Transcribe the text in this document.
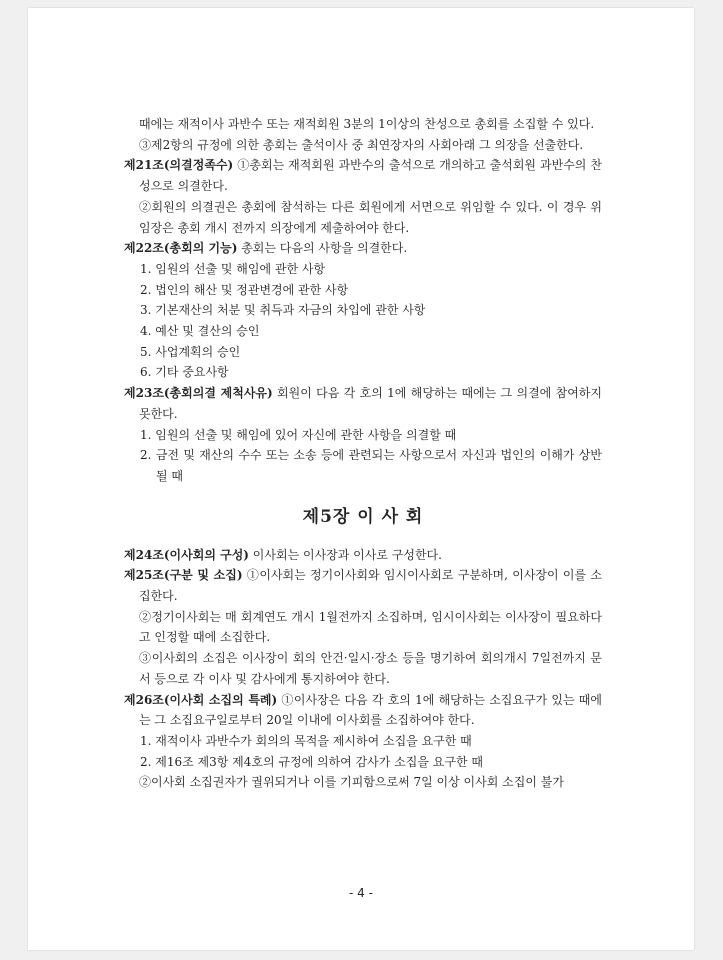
때에는 재적이사 과반수 또는 재적회원 3분의 1이상의 찬성으로 총회를 소집할 수 있다.
③제2항의 규정에 의한 총회는 출석이사 중 최연장자의 사회아래 그 의장을 선출한다.
제21조(의결정족수) ①총회는 재적회원 과반수의 출석으로 개의하고 출석회원 과반수의 찬성으로 의결한다.
②회원의 의결권은 총회에 참석하는 다른 회원에게 서면으로 위임할 수 있다. 이 경우 위임장은 총회 개시 전까지 의장에게 제출하여야 한다.
제22조(총회의 기능) 총회는 다음의 사항을 의결한다.
1. 임원의 선출 및 해임에 관한 사항
2. 법인의 해산 및 정관변경에 관한 사항
3. 기본재산의 처분 및 취득과 자금의 차입에 관한 사항
4. 예산 및 결산의 승인
5. 사업계획의 승인
6. 기타 중요사항
제23조(총회의결 제척사유) 회원이 다음 각 호의 1에 해당하는 때에는 그 의결에 참여하지 못한다.
1. 임원의 선출 및 해임에 있어 자신에 관한 사항을 의결할 때
2. 금전 및 재산의 수수 또는 소송 등에 관련되는 사항으로서 자신과 법인의 이해가 상반될 때
제5장 이 사 회
제24조(이사회의 구성) 이사회는 이사장과 이사로 구성한다.
제25조(구분 및 소집) ①이사회는 정기이사회와 임시이사회로 구분하며, 이사장이 이를 소집한다.
②정기이사회는 매 회계연도 개시 1월전까지 소집하며, 임시이사회는 이사장이 필요하다고 인정할 때에 소집한다.
③이사회의 소집은 이사장이 회의 안건·일시·장소 등을 명기하여 회의개시 7일전까지 문서 등으로 각 이사 및 감사에게 통지하여야 한다.
제26조(이사회 소집의 특례) ①이사장은 다음 각 호의 1에 해당하는 소집요구가 있는 때에는 그 소집요구일로부터 20일 이내에 이사회를 소집하여야 한다.
1. 재적이사 과반수가 회의의 목적을 제시하여 소집을 요구한 때
2. 제16조 제3항 제4호의 규정에 의하여 감사가 소집을 요구한 때
②이사회 소집권자가 궐위되거나 이를 기피함으로써 7일 이상 이사회 소집이 불가
- 4 -
